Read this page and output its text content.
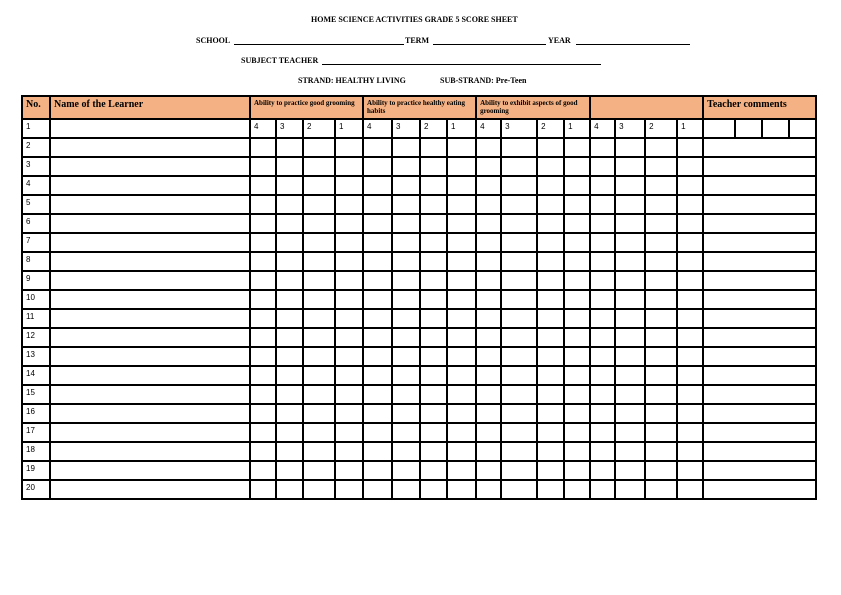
HOME SCIENCE ACTIVITIES GRADE 5 SCORE SHEET
SCHOOL	TERM	YEAR
SUBJECT TEACHER
STRAND: HEALTHY LIVING	SUB-STRAND: Pre-Teen
No.	Name of the Learner	Ability to practice good grooming				Ability to practice healthy eating habits				Ability to exhibit aspects of good grooming								Teacher comments			
1		4	3	2	1	4	3	2	1	4	3	2	1	4	3	2	1				
2																					
3																					
4																					
5																					
6																					
7																					
8																					
9																					
10																					
11																					
12																					
13																					
14																					
15																					
16																					
17																					
18																					
19																					
20																					
